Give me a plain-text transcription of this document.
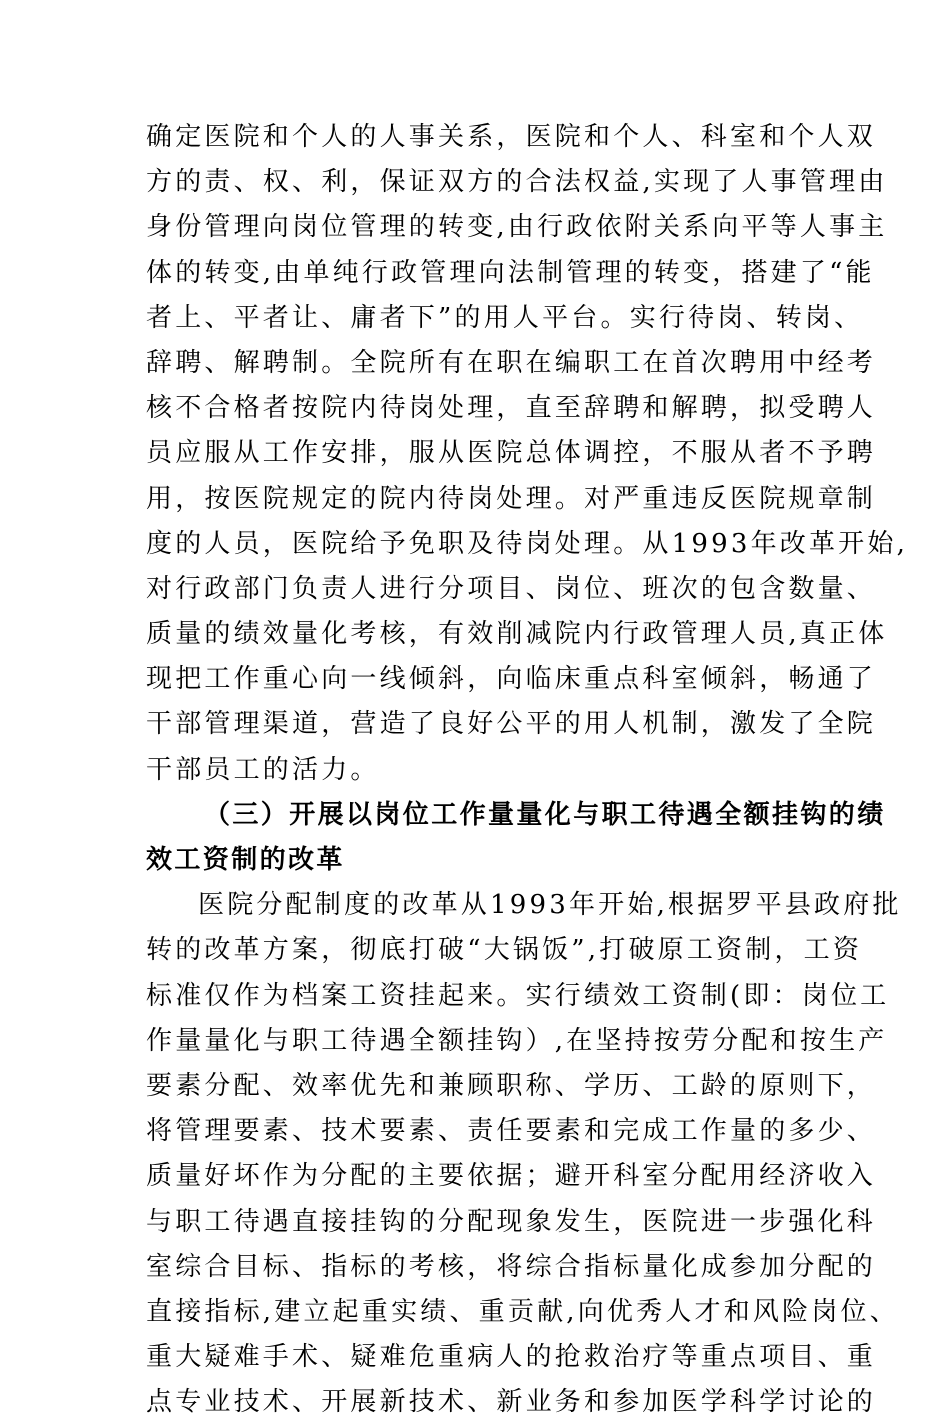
确定医院和个人的人事关系，医院和个人、科室和个人双
方的责、权、利，保证双方的合法权益,实现了人事管理由
身份管理向岗位管理的转变,由行政依附关系向平等人事主
体的转变,由单纯行政管理向法制管理的转变，搭建了“能
者上、平者让、庸者下”的用人平台。实行待岗、转岗、
辞聘、解聘制。全院所有在职在编职工在首次聘用中经考
核不合格者按院内待岗处理，直至辞聘和解聘，拟受聘人
员应服从工作安排，服从医院总体调控，不服从者不予聘
用，按医院规定的院内待岗处理。对严重违反医院规章制
度的人员，医院给予免职及待岗处理。从1993年改革开始,
对行政部门负责人进行分项目、岗位、班次的包含数量、
质量的绩效量化考核，有效削减院内行政管理人员,真正体
现把工作重心向一线倾斜，向临床重点科室倾斜，畅通了
干部管理渠道，营造了良好公平的用人机制，激发了全院
干部员工的活力。
（三）开展以岗位工作量量化与职工待遇全额挂钩的绩
效工资制的改革
医院分配制度的改革从1993年开始,根据罗平县政府批
转的改革方案，彻底打破“大锅饭”,打破原工资制，工资
标准仅作为档案工资挂起来。实行绩效工资制(即：岗位工
作量量化与职工待遇全额挂钩）,在坚持按劳分配和按生产
要素分配、效率优先和兼顾职称、学历、工龄的原则下，
将管理要素、技术要素、责任要素和完成工作量的多少、
质量好坏作为分配的主要依据；避开科室分配用经济收入
与职工待遇直接挂钩的分配现象发生，医院进一步强化科
室综合目标、指标的考核，将综合指标量化成参加分配的
直接指标,建立起重实绩、重贡献,向优秀人才和风险岗位、
重大疑难手术、疑难危重病人的抢救治疗等重点项目、重
点专业技术、开展新技术、新业务和参加医学科学讨论的
